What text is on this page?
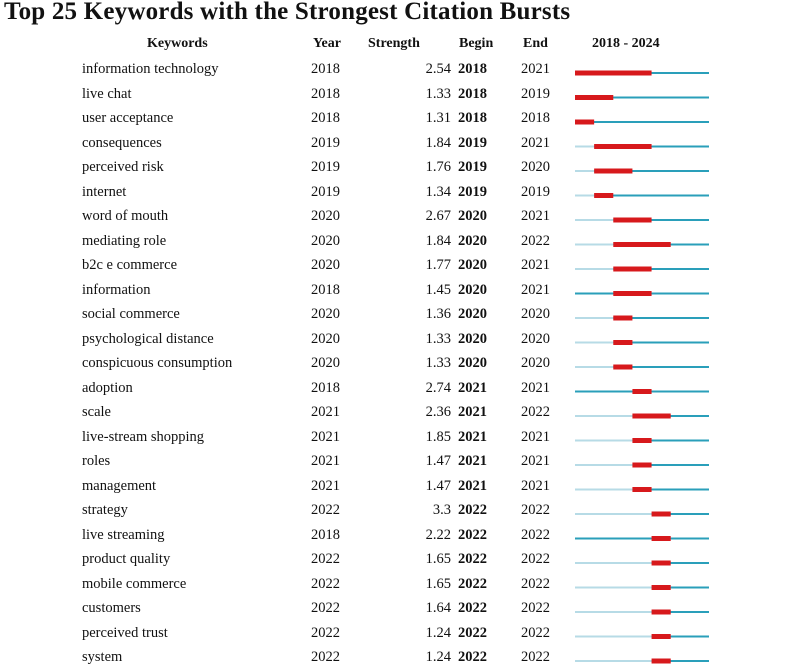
Top 25 Keywords with the Strongest Citation Bursts
Keywords	Year Strength	Begin End	2018 - 2024
information technology	2018	2.54 2018 2021
live chat	2018	1.33 2018 2019
user acceptance	2018	1.31 2018 2018
consequences	2019	1.84 2019 2021
perceived risk	2019	1.76 2019 2020
internet	2019	1.34 2019 2019
word of mouth	2020	2.67 2020 2021
mediating role	2020	1.84 2020 2022
b2c e commerce	2020	1.77 2020 2021
information	2018	1.45 2020 2021
social commerce	2020	1.36 2020 2020
psychological distance	2020	1.33 2020 2020
conspicuous consumption	2020	1.33 2020 2020
adoption	2018	2.74 2021 2021
scale	2021	2.36 2021 2022
live-stream shopping	2021	1.85 2021 2021
roles	2021	1.47 2021 2021
management	2021	1.47 2021 2021
strategy	2022	3.3 2022 2022
live streaming	2018	2.22 2022 2022
product quality	2022	1.65 2022 2022
mobile commerce	2022	1.65 2022 2022
customers	2022	1.64 2022 2022
perceived trust	2022	1.24 2022 2022
system	2022	1.24 2022 2022
